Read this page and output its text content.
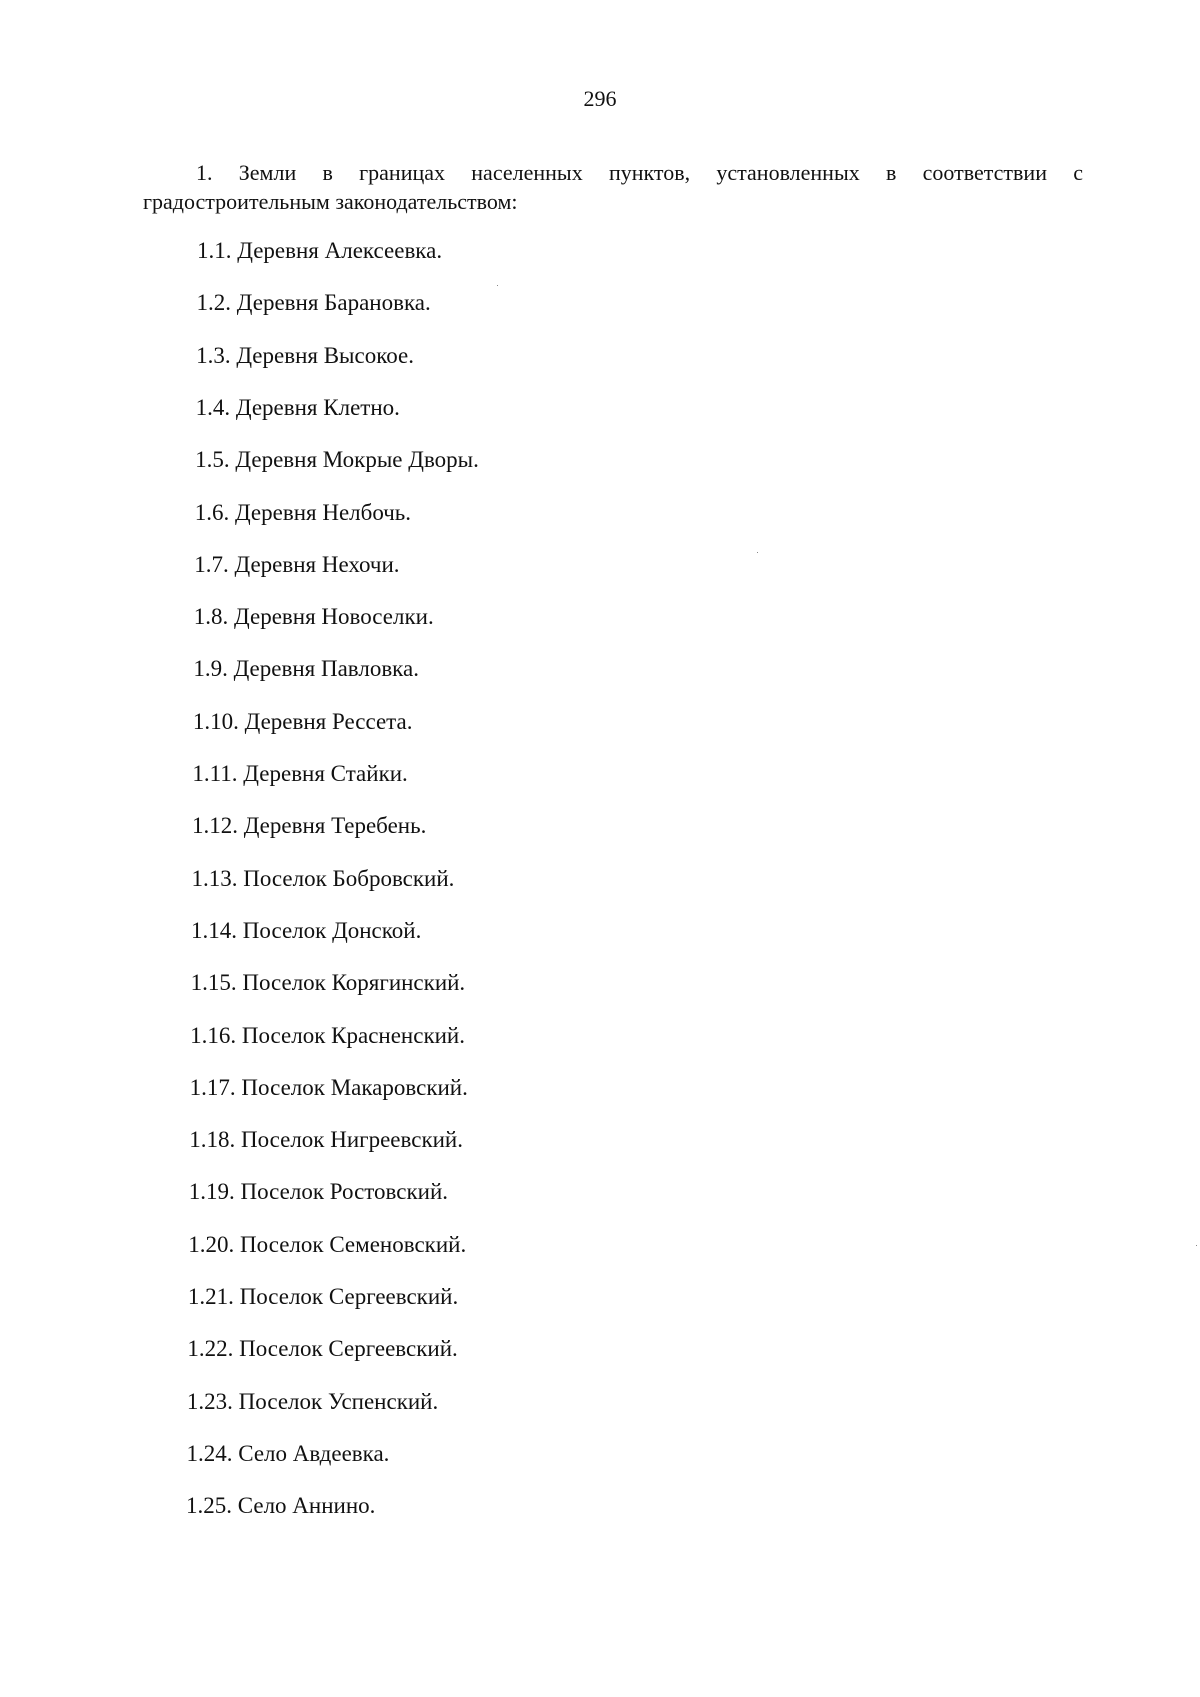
296

1. Земли в границах населенных пунктов, установленных в соответствии с градостроительным законодательством:

1.1. Деревня Алексеевка.
1.2. Деревня Барановка.
1.3. Деревня Высокое.
1.4. Деревня Клетно.
1.5. Деревня Мокрые Дворы.
1.6. Деревня Нелбочь.
1.7. Деревня Нехочи.
1.8. Деревня Новоселки.
1.9. Деревня Павловка.
1.10. Деревня Рессета.
1.11. Деревня Стайки.
1.12. Деревня Теребень.
1.13. Поселок Бобровский.
1.14. Поселок Донской.
1.15. Поселок Корягинский.
1.16. Поселок Красненский.
1.17. Поселок Макаровский.
1.18. Поселок Нигреевский.
1.19. Поселок Ростовский.
1.20. Поселок Семеновский.
1.21. Поселок Сергеевский.
1.22. Поселок Сергеевский.
1.23. Поселок Успенский.
1.24. Село Авдеевка.
1.25. Село Аннино.
